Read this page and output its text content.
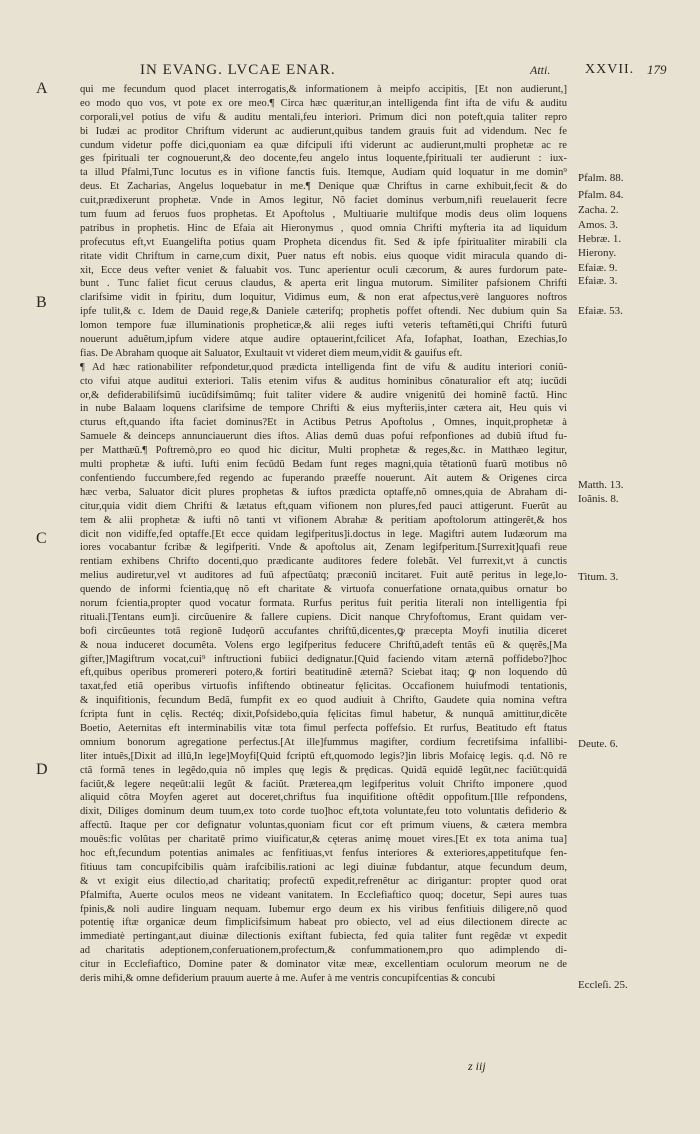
IN EVANG. LVCAE ENAR.	Atti. XXVII. 179
A
B
C
D
qui me fecundum quod placet interrogatis,& informationem à meipfo accipitis, [Et non audierunt,]
eo modo quo vos, vt pote ex ore meo.¶ Circa hæc quæritur,an intelligenda fint ifta de vifu & auditu
corporali,vel potius de vifu & auditu mentali,feu interiori. Primum dici non poteft,quia taliter repro
bi Iudæi ac proditor Chriftum viderunt ac audierunt,quibus tandem grauis fuit ad videndum. Nec fe
cundum videtur poffe dici,quoniam ea quæ difcipuli ifti viderunt ac audierunt,multi prophetæ ac re
ges fpirituali ter cognouerunt,& deo docente,feu angelo intus loquente,fpirituali ter audierunt : iux-
ta illud Pfalmi,Tunc locutus es in vifione fanctis fuis. Itemque, Audiam quid loquatur in me domin⁹
deus. Et Zacharias, Angelus loquebatur in me.¶ Denique quæ Chriftus in carne exhibuit,fecit & do
cuit,prædixerunt prophetæ. Vnde in Amos legitur, Nõ faciet dominus verbum,nifi reuelauerit fecre
tum fuum ad feruos fuos prophetas. Et Apoftolus , Multiuarie multifque modis deus olim loquens
patribus in prophetis. Hinc de Efaia ait Hieronymus , quod omnia Chrifti myfteria ita ad liquidum
profecutus eft,vt Euangelifta potius quam Propheta dicendus fit. Sed & ipfe fpiritualiter mirabili cla
ritate vidit Chriftum in carne,cum dixit, Puer natus eft nobis. eius quoque vidit miracula quando di-
xit, Ecce deus vefter veniet & faluabit vos. Tunc aperientur oculi cæcorum, & aures furdorum pate-
bunt . Tunc faliet ficut ceruus claudus, & aperta erit lingua mutorum. Similiter pafsionem Chrifti
clarifsime vidit in fpiritu, dum loquitur, Vidimus eum, & non erat afpectus,verè languores noftros
ipfe tulit,& c. Idem de Dauid rege,& Daniele cæterifq; prophetis poffet oftendi. Nec dubium quin Sa
lomon tempore fuæ illuminationis propheticæ,& alii reges iufti veteris teftamẽti,qui Chrifti futurũ
nouerunt aduẽtum,ipfum videre atque audire optauerint,fcilicet Afa, Iofaphat, Ioathan, Ezechias,Io
fias. De Abraham quoque ait Saluator, Exultauit vt videret diem meum,vidit & gauifus eft.
¶ Ad hæc rationabiliter refpondetur,quod prædicta intelligenda fint de vifu & auditu interiori coniũ-
cto vifui atque auditui exteriori. Talis etenim vifus & auditus hominibus cõnaturalior eft atq; iucũdi
or,& defiderabilifsimũ iucũdifsimũmq; fuit taliter videre & audire vnigenitũ dei hominẽ factũ. Hinc
in nube Balaam loquens clarifsime de tempore Chrifti & eius myfteriis,inter cætera ait, Heu quis vi
cturus eft,quando ifta faciet dominus?Et in Actibus Petrus Apoftolus , Omnes, inquit,prophetæ à
Samuele & deinceps annunciauerunt dies iftos. Alias demũ duas pofui refponfiones ad dubiũ iftud fu-
per Matthæũ.¶ Poftremò,pro eo quod hic dicitur, Multi prophetæ & reges,&c. in Matthæo legitur,
multi prophetæ & iufti. Iufti enim fecũdũ Bedam funt reges magni,quia tẽtationũ fuarũ motibus nõ
confentiendo fuccumbere,fed regendo ac fuperando præeffe nouerunt. Ait autem & Origenes circa
hæc verba, Saluator dicit plures prophetas & iuftos prædicta optaffe,nõ omnes,quia de Abraham di-
citur,quia vidit diem Chrifti & lætatus eft,quam vifionem non plures,fed pauci attigerunt. Fuerũt au
tem & alii prophetæ & iufti nõ tanti vt vifionem Abrahæ & peritiam apoftolorum attingerẽt,& hos
dicit non vidiffe,fed optaffe.[Et ecce quidam legifperitus]i.doctus in lege. Magiftri autem Iudæorum ma
iores vocabantur fcribæ & legifperiti. Vnde & apoftolus ait, Zenam legifperitum.[Surrexit]quafi reue
rentiam exhibens Chrifto docenti,quo prædicante auditores federe folebãt. Vel furrexit,vt à cunctis
melius audiretur,vel vt auditores ad fuũ afpectũatq; præconiũ incitaret. Fuit autẽ peritus in lege,lo-
quendo de informi fcientia,quę nõ eft charitate & virtuofa conuerfatione ornata,quibus ornatur bo
norum fcientia,propter quod vocatur formata. Rurfus peritus fuit peritia literali non intelligentia fpi
rituali.[Tentans eum]i. circũuenire & fallere cupiens. Dicit nanque Chryfoftomus, Erant quidam ver-
bofi circũeuntes totã regionẽ Iudęorũ accufantes chriftũ,dicentes,ꝙ præcepta Moyfi inutilia diceret
& noua induceret documẽta. Volens ergo legifperitus feducere Chriftũ,adeft tentãs eũ & quęrẽs,[Ma
gifter,]Magiftrum vocat,cui⁹ inftructioni fubiici dedignatur.[Quid faciendo vitam æternã poffidebo?]hoc
eft,quibus operibus promereri potero,& fortiri beatitudinẽ æternã? Sciebat itaq; ꝙ non loquendo dũ
taxat,fed etiã operibus virtuofis infiftendo obtineatur fęlicitas. Occafionem huiufmodi tentationis,
& inquifitionis, fecundum Bedã, fumpfit ex eo quod audiuit à Chrifto, Gaudete quia nomina veftra
fcripta funt in cęlis. Rectéq; dixit,Pofsidebo,quia fęlicitas fimul habetur, & nunquã amittitur,dicẽte
Boetio, Aeternitas eft interminabilis vitæ tota fimul perfecta poffefsio. Et rurfus, Beatitudo eft ftatus
omnium bonorum agregatione perfectus.[At ille]fummus magifter, cordium fecretifsima infallibi-
liter intuẽs,[Dixit ad illũ,In lege]Moyfi[Quid fcriptũ eft,quomodo legis?]in libris Mofaicę legis. q.d. Nõ re
ctã formã tenes in legẽdo,quia nõ imples quę legis & prędicas. Quidã equidẽ legũt,nec faciũt:quidã
faciũt,& legere neqeũt:alii legũt & faciũt. Præterea,qm legifperitus voluit Chrifto imponere ,quod
aliquid cõtra Moyfen ageret aut doceret,chriftus fua inquifitione oftẽdit oppofitum.[Ille refpondens,
dixit, Diliges dominum deum tuum,ex toto corde tuo]hoc eft,tota voluntate,feu toto voluntatis defiderio &
affectũ. Itaque per cor defignatur voluntas,quoniam ficut cor eft primum viuens, & cætera membra
mouẽs:fic volũtas per charitatẽ primo viuificatur,& cęteras animę mouet vires.[Et ex tota anima tua]
hoc eft,fecundum potentias animales ac fenfitiuas,vt fenfus interiores & exteriores,appetitufque fen-
fitiuus tam concupifcibilis quàm irafcibilis.rationi ac legi diuinæ fubdantur, atque fecundum deum,
& vt exigit eius dilectio,ad charitatiq; profectũ expedit,refrenẽtur ac dirigantur: propter quod orat
Pfalmifta, Auerte oculos meos ne videant vanitatem. In Ecclefiaftico quoq; docetur, Sepi aures tuas
fpinis,& noli audire linguam nequam. Iubemur ergo deum ex his viribus fenfitiuis diligere,nõ quod
potentię iftæ organicæ deum fimplicifsimum habeat pro obiecto, vel ad eius dilectionem directe ac
immediatè pertingant,aut diuinæ dilectionis exiftant fubiecta, fed quia taliter funt regẽdæ vt expedit
ad charitatis adeptionem,conferuationem,profectum,& confummationem,pro quo adimplendo di-
citur in Ecclefiaftico, Domine pater & dominator vitæ meæ, excellentiam oculorum meorum ne de
deris mihi,& omne defiderium prauum auerte à me. Aufer à me ventris concupifcentias & concubi
Pfalm. 88.
Pfalm. 84.
Zacha. 2.
Amos. 3.
Hebræ. 1.
Hierony.
Efaiæ. 9.
Efaiæ. 3.
Efaiæ. 53.
Matth. 13.
Ioãnis. 8.
Titum. 3.
Deute. 6.
Eccleſi. 25.
z iij
